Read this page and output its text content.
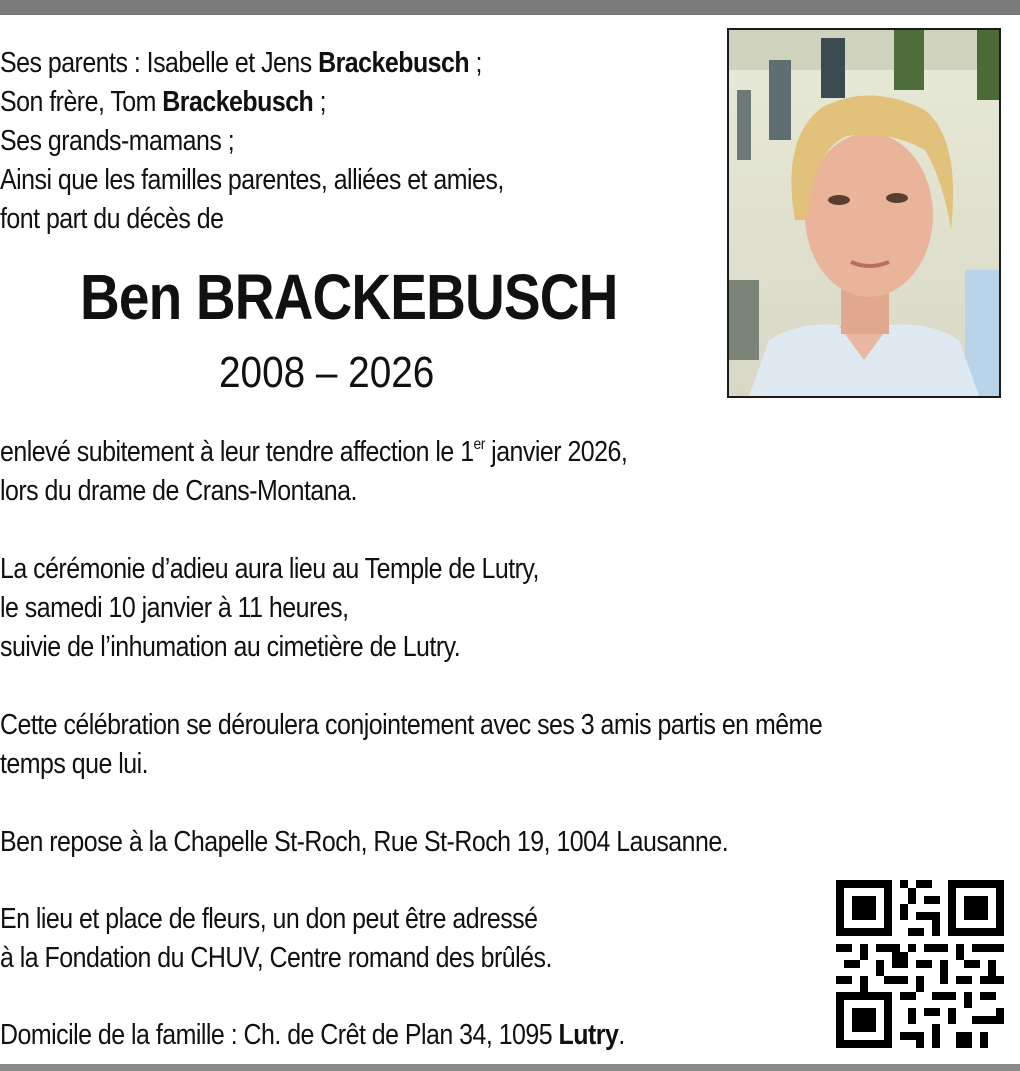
Ses parents : Isabelle et Jens Brackebusch ;

Son frère, Tom Brackebusch ;

Ses grands-mamans ;

Ainsi que les familles parentes, alliées et amies,

font part du décès de

Ben BRACKEBUSCH

2008 – 2026

enlevé subitement à leur tendre affection le 1er janvier 2026,

lors du drame de Crans-Montana.

La cérémonie d’adieu aura lieu au Temple de Lutry,

le samedi 10 janvier à 11 heures,

suivie de l’inhumation au cimetière de Lutry.

Cette célébration se déroulera conjointement avec ses 3 amis partis en même

temps que lui.

Ben repose à la Chapelle St-Roch, Rue St-Roch 19, 1004 Lausanne.

En lieu et place de fleurs, un don peut être adressé

à la Fondation du CHUV, Centre romand des brûlés.

Domicile de la famille : Ch. de Crêt de Plan 34, 1095 Lutry.
